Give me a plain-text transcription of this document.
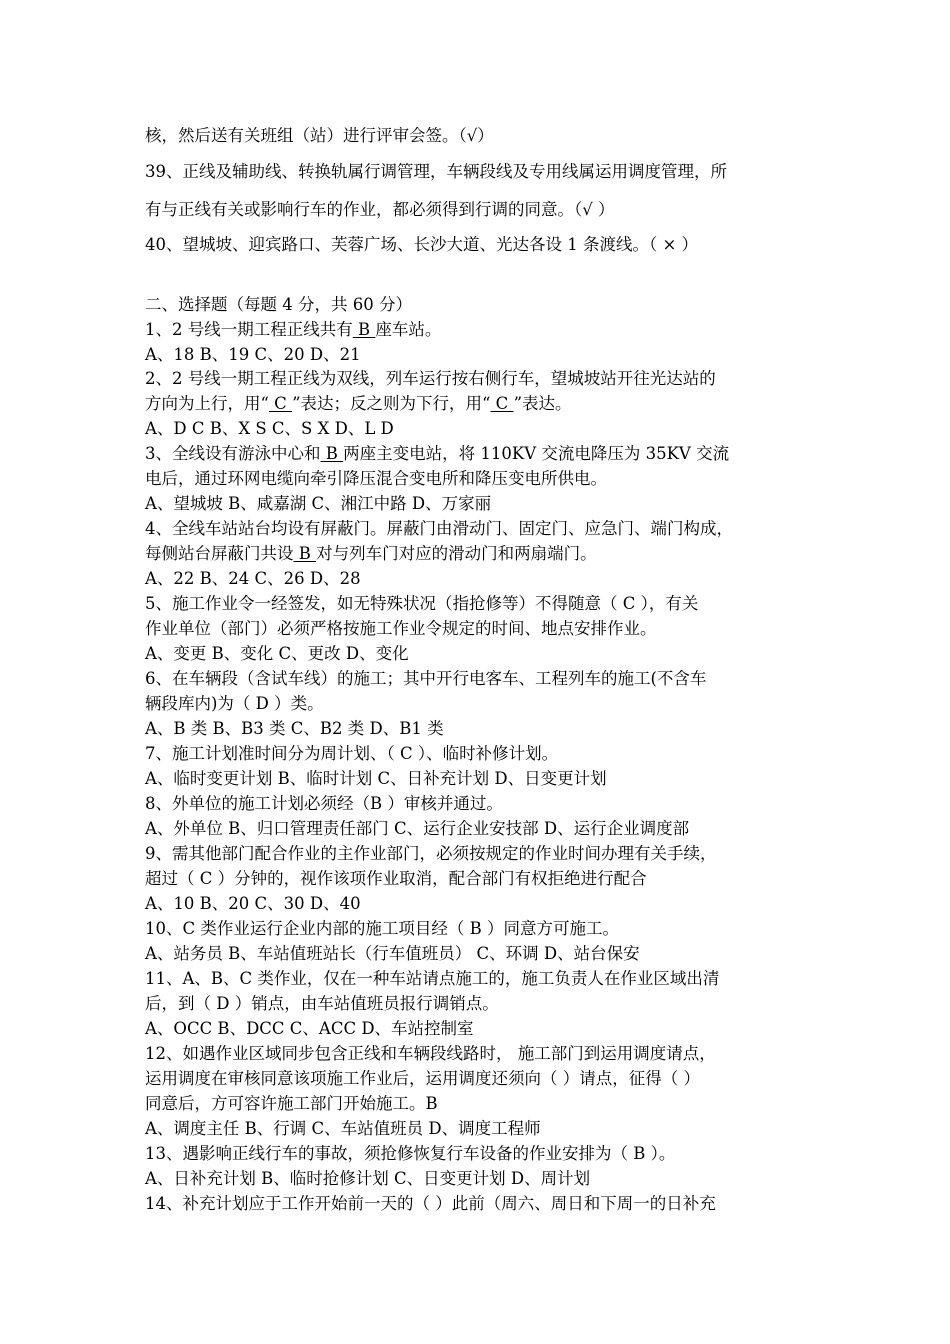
核，然后送有关班组（站）进行评审会签。（√）
39、正线及辅助线、转换轨属行调管理，车辆段线及专用线属运用调度管理，所
有与正线有关或影响行车的作业，都必须得到行调的同意。（√ ）
40、望城坡、迎宾路口、芙蓉广场、长沙大道、光达各设 1 条渡线。（ × ）
二、选择题（每题 4 分，共 60 分）
1、2 号线一期工程正线共有 B 座车站。
A、18 B、19 C、20 D、21
2、2 号线一期工程正线为双线，列车运行按右侧行车，望城坡站开往光达站的
方向为上行，用“ C ”表达；反之则为下行，用“ C ”表达。
A、D C B、X S C、S X D、L D
3、全线设有游泳中心和 B 两座主变电站，将 110KV 交流电降压为 35KV 交流
电后，通过环网电缆向牵引降压混合变电所和降压变电所供电。
A、望城坡 B、咸嘉湖 C、湘江中路 D、万家丽
4、全线车站站台均设有屏蔽门。屏蔽门由滑动门、固定门、应急门、端门构成，
每侧站台屏蔽门共设 B 对与列车门对应的滑动门和两扇端门。
A、22 B、24 C、26 D、28
5、施工作业令一经签发，如无特殊状况（指抢修等）不得随意（ C ），有关
作业单位（部门）必须严格按施工作业令规定的时间、地点安排作业。
A、变更 B、变化 C、更改 D、变化
6、在车辆段（含试车线）的施工；其中开行电客车、工程列车的施工(不含车
辆段库内)为（ D ）类。
A、B 类 B、B3 类 C、B2 类 D、B1 类
7、施工计划准时间分为周计划、（ C ）、临时补修计划。
A、临时变更计划 B、临时计划 C、日补充计划 D、日变更计划
8、外单位的施工计划必须经（B ）审核并通过。
A、外单位 B、归口管理责任部门 C、运行企业安技部 D、运行企业调度部
9、需其他部门配合作业的主作业部门，必须按规定的作业时间办理有关手续，
超过（ C ）分钟的，视作该项作业取消，配合部门有权拒绝进行配合
A、10 B、20 C、30 D、40
10、C 类作业运行企业内部的施工项目经（ B ）同意方可施工。
A、站务员 B、车站值班站长（行车值班员） C、环调 D、站台保安
11、A、B、C 类作业，仅在一种车站请点施工的，施工负责人在作业区域出清
后，到（ D ）销点，由车站值班员报行调销点。
A、OCC B、DCC C、ACC D、车站控制室
12、如遇作业区域同步包含正线和车辆段线路时， 施工部门到运用调度请点，
运用调度在审核同意该项施工作业后，运用调度还须向（ ）请点，征得（ ）
同意后，方可容许施工部门开始施工。B
A、调度主任 B、行调 C、车站值班员 D、调度工程师
13、遇影响正线行车的事故，须抢修恢复行车设备的作业安排为（ B ）。
A、日补充计划 B、临时抢修计划 C、日变更计划 D、周计划
14、补充计划应于工作开始前一天的（ ）此前（周六、周日和下周一的日补充
